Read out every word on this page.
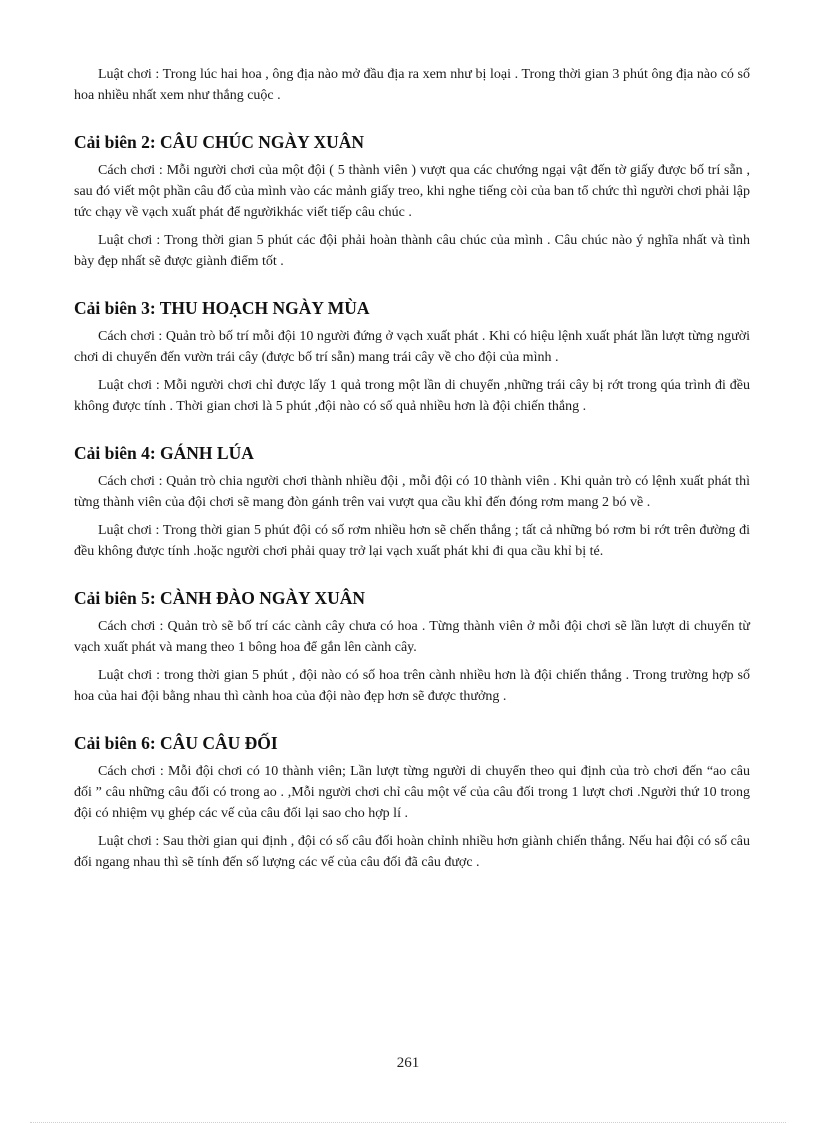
Luật chơi : Trong lúc hai hoa , ông địa nào mở đầu địa ra xem như bị loại . Trong thời gian 3 phút ông địa nào có số hoa nhiều nhất xem như thắng cuộc .

Cải biên 2: CÂU CHÚC NGÀY XUÂN

Cách chơi : Mỗi người chơi của một đội ( 5 thành viên ) vượt qua các chướng ngại vật đến tờ giấy được bố trí sẵn , sau đó viết một phần câu đố của mình vào các mảnh giấy treo, khi nghe tiếng còi của ban tổ chức thì người chơi phải lập tức chạy về vạch xuất phát để ngườikhác viết tiếp câu chúc .

Luật chơi : Trong thời gian 5 phút các đội phải hoàn thành câu chúc của mình . Câu chúc nào ý nghĩa nhất và tình bày đẹp nhất sẽ được giành điểm tốt .

Cải biên 3: THU HOẠCH NGÀY MÙA

Cách chơi : Quản trò bố trí mỗi đội 10 người đứng ở vạch xuất phát . Khi có hiệu lệnh xuất phát lần lượt từng người chơi di chuyển đến vườn trái cây (được bố trí sẵn) mang trái cây về cho đội của mình .

Luật chơi : Mỗi người chơi chỉ được lấy 1 quả trong một lần di chuyển ,những trái cây bị rớt trong qúa trình đi đều không được tính . Thời gian chơi là 5 phút ,đội nào có số quả nhiều hơn là đội chiến thắng .

Cải biên 4: GÁNH LÚA

Cách chơi : Quản trò chia người chơi thành nhiều đội , mỗi đội có 10 thành viên . Khi quản trò có lệnh xuất phát thì từng thành viên của đội chơi sẽ mang đòn gánh trên vai vượt qua cầu khỉ đến đóng rơm mang 2 bó về .

Luật chơi : Trong thời gian 5 phút đội có số rơm nhiều hơn sẽ chến thắng ; tất cả những bó rơm bi rớt trên đường đi đều không được tính .hoặc người chơi phải quay trở lại vạch xuất phát khi đi qua cầu khỉ bị té.

Cải biên 5: CÀNH ĐÀO NGÀY XUÂN

Cách chơi : Quản trò sẽ bố trí các cành cây chưa có hoa . Từng thành viên ở mỗi đội chơi sẽ lần lượt di chuyển từ vạch xuất phát và mang theo 1 bông hoa để gắn lên cành cây.

Luật chơi : trong thời gian 5 phút , đội nào có số hoa trên cành nhiều hơn là đội chiến thắng . Trong trường hợp số hoa của hai đội bằng nhau thì cành hoa của đội nào đẹp hơn sẽ được thưởng .

Cải biên 6: CÂU CÂU ĐỐI

Cách chơi : Mỗi đội chơi có 10 thành viên; Lần lượt từng người di chuyển theo qui định của trò chơi đến “ao câu đối ” câu những câu đối có trong ao . ,Mỗi người chơi chỉ câu một vế của câu đối trong 1 lượt chơi .Người thứ 10 trong đội có nhiệm vụ ghép các vế của câu đối lại sao cho hợp lí .

Luật chơi : Sau thời gian qui định , đội có số câu đối hoàn chỉnh nhiều hơn giành chiến thắng. Nếu hai đội có số câu đối ngang nhau thì sẽ tính đến số lượng các vế của câu đối đã câu được .

261
